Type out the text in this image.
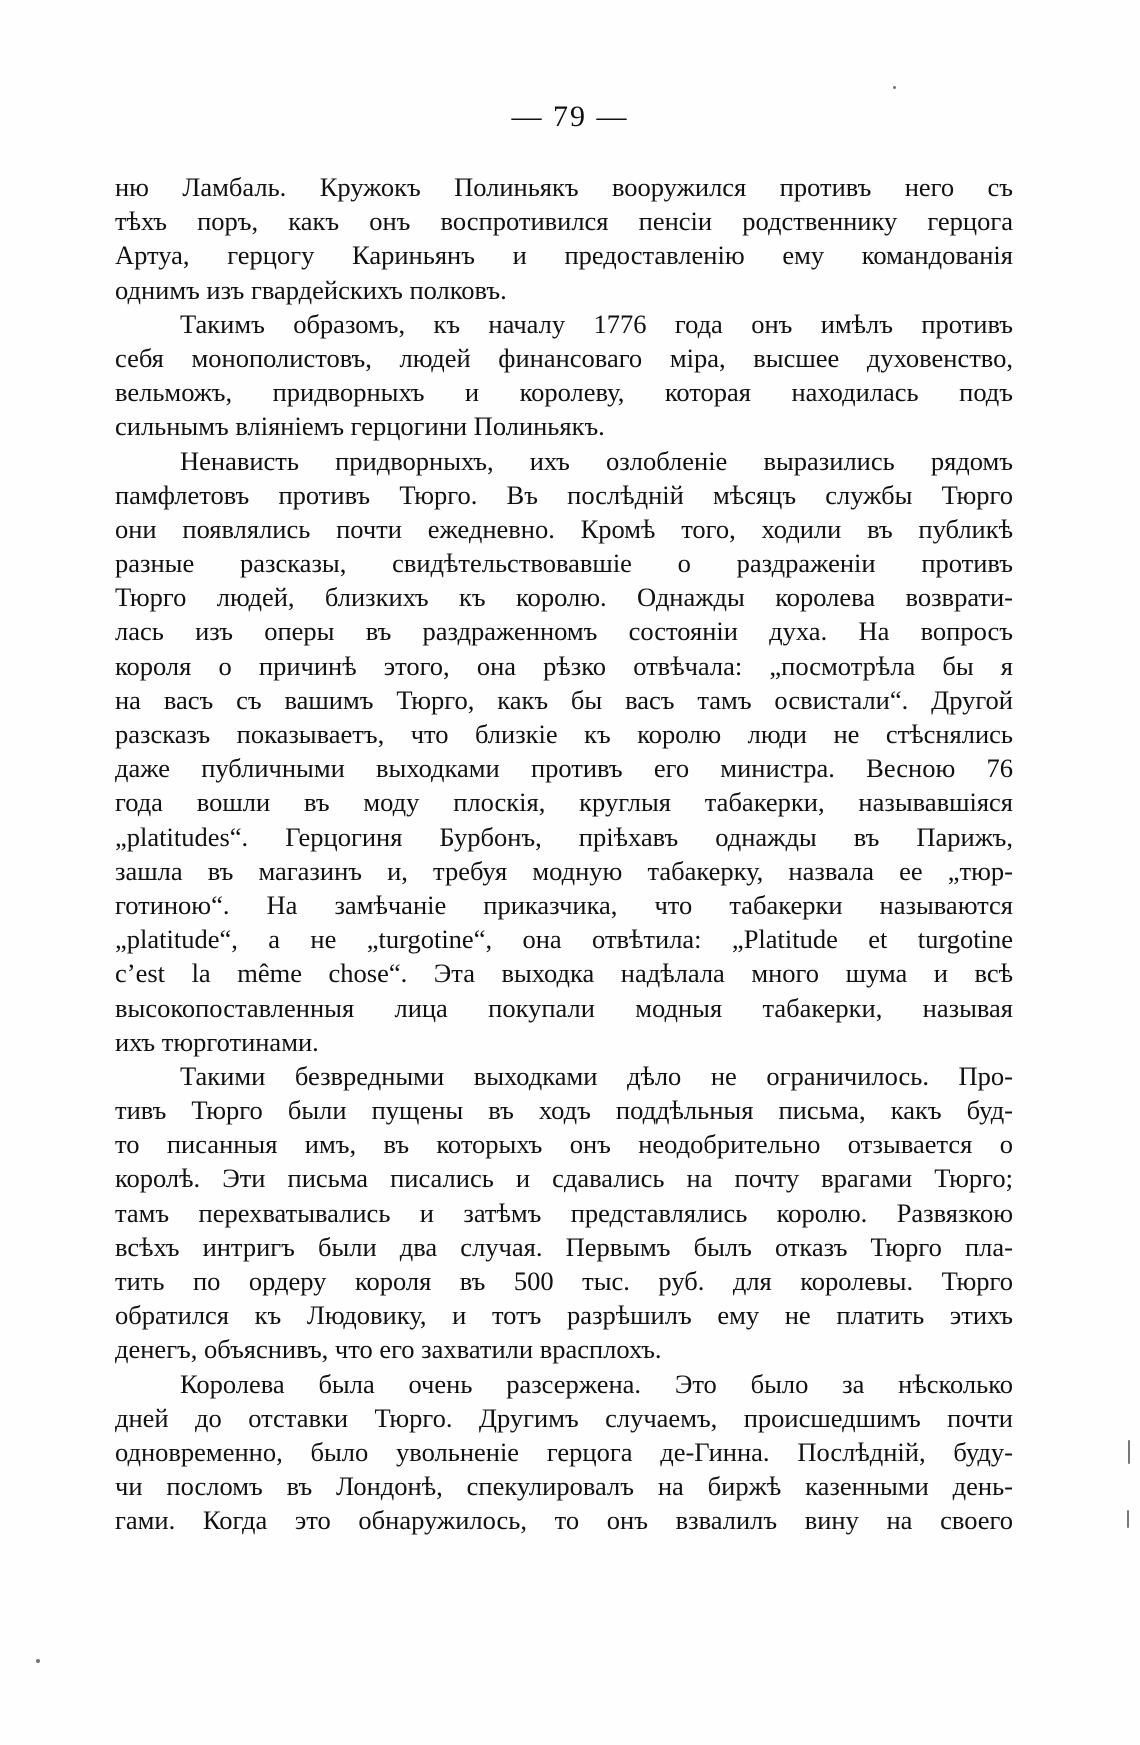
— 79 —
ню Ламбаль. Кружокъ Полиньякъ вооружился противъ него съ
тѣхъ поръ, какъ онъ воспротивился пенсіи родственнику герцога
Артуа, герцогу Кариньянъ и предоставленію ему командованія
однимъ изъ гвардейскихъ полковъ.
Такимъ образомъ, къ началу 1776 года онъ имѣлъ противъ
себя монополистовъ, людей финансоваго міра, высшее духовенство,
вельможъ, придворныхъ и королеву, которая находилась подъ
сильнымъ вліяніемъ герцогини Полиньякъ.
Ненависть придворныхъ, ихъ озлобленіе выразились рядомъ
памфлетовъ противъ Тюрго. Въ послѣдній мѣсяцъ службы Тюрго
они появлялись почти ежедневно. Кромѣ того, ходили въ публикѣ
разные разсказы, свидѣтельствовавшіе о раздраженіи противъ
Тюрго людей, близкихъ къ королю. Однажды королева возврати-
лась изъ оперы въ раздраженномъ состояніи духа. На вопросъ
короля о причинѣ этого, она рѣзко отвѣчала: „посмотрѣла бы я
на васъ съ вашимъ Тюрго, какъ бы васъ тамъ освистали“. Другой
разсказъ показываетъ, что близкіе къ королю люди не стѣснялись
даже публичными выходками противъ его министра. Весною 76
года вошли въ моду плоскія, круглыя табакерки, называвшіяся
„platitudes“. Герцогиня Бурбонъ, пріѣхавъ однажды въ Парижъ,
зашла въ магазинъ и, требуя модную табакерку, назвала ее „тюр-
готиною“. На замѣчаніе приказчика, что табакерки называются
„platitude“, а не „turgotine“, она отвѣтила: „Platitude et turgotine
c’est la même chose“. Эта выходка надѣлала много шума и всѣ
высокопоставленныя лица покупали модныя табакерки, называя
ихъ тюрготинами.
Такими безвредными выходками дѣло не ограничилось. Про-
тивъ Тюрго были пущены въ ходъ поддѣльныя письма, какъ буд-
то писанныя имъ, въ которыхъ онъ неодобрительно отзывается о
королѣ. Эти письма писались и сдавались на почту врагами Тюрго;
тамъ перехватывались и затѣмъ представлялись королю. Развязкою
всѣхъ интригъ были два случая. Первымъ былъ отказъ Тюрго пла-
тить по ордеру короля въ 500 тыс. руб. для королевы. Тюрго
обратился къ Людовику, и тотъ разрѣшилъ ему не платить этихъ
денегъ, объяснивъ, что его захватили врасплохъ.
Королева была очень разсержена. Это было за нѣсколько
дней до отставки Тюрго. Другимъ случаемъ, происшедшимъ почти
одновременно, было увольненіе герцога де-Гинна. Послѣдній, буду-
чи посломъ въ Лондонѣ, спекулировалъ на биржѣ казенными день-
гами. Когда это обнаружилось, то онъ взвалилъ вину на своего
